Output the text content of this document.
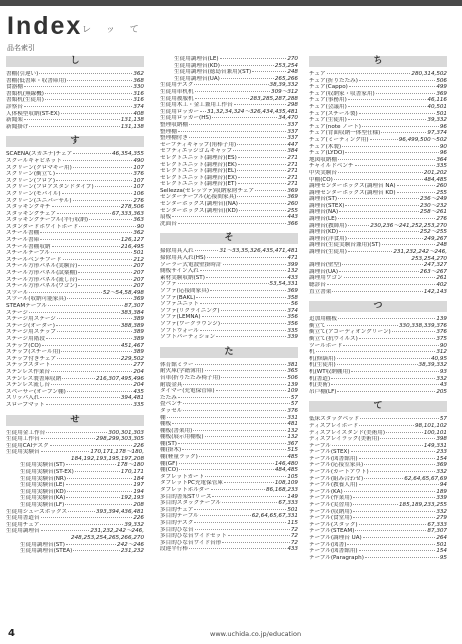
Index レ ッ て
品名索引
し
書棚(引違い)	362
書棚(低書庫・収書庫用)	368
食器棚	330
書類机(無線機)	316
書類机(生徒用)	316
診察台	374
人体模型収納(ST-EX)	408
新聞架	131,138
新聞掛け	131,138
す
SCAENA(スカエナ)チェア	46,354,355
スクールキャビネット	490
スクリーン(クロマキー用)	107
スクリーン(衝立て)	376
スクリーン(フロア)	107
スクリーン(フロアスタンドタイプ)	107
スクリーン(モバイル)	106
スクリーン(ユニバーサル)	276
スタッキングキチ	278,506
スタッキングチェア	67,333,363
スタッキングテーブル(平行収納)	363
スタンダードホワイトボード	90
スチール書棚	362
スチール書庫	126,127
スチール書棚収納	216,495
スチールテーブル	501
スチールベンチフード	212
スチール方形パネル(実験台)	207
スチール方形パネル(試薬棚)	207
スチール方形パネル(流し台)	207
スチール方形パネル(ワゴン)	207
スツール	52〜54,58,498
スツール(収納可能家具)	369
STEAMテーブル	87,307
ステージ	383,384
ステージ用ステージ	389
ステージ(オーダー)	388,389
ステージ用ステップ	389
ステージ用階段	389
ステップ(CO)	451,467
ステップ(スチール用)	389
ステップ付きチェア	229,502
ステップスタート	277
ステンレス作業台	204
ステンレス製書庫収納	216,307,495,496
ステンレス流し台	204
スペーサー(オープン棚)	435
スリッパ入れ	394,481
スロープマット	335
せ
生徒用金工作台	300,301,303
生徒用工作台	298,299,303,305
生徒用CAIデスク	226
生徒用実験台	170,171,178〜180,
184,192,193,195,197,208
生徒用実験台(ST)	178〜180
生徒用実験台(ST-EX)	170,171
生徒用実験台(NR)	184
生徒用実験台(LE)	197
生徒用実験台(KD)	194
生徒用実験台(KA)	192,193
生徒用実験台(LF)	208
生徒用シューズボックス	393,394,436,481
生徒用書道台	226
生徒用チェア	39,332
生徒用調理台	231,232,242〜246,
248,253,254,265,266,270
生徒用調理台(ST)	242〜246
生徒用調理台(STEA)	231,232
生徒用調理台(LE)	270
生徒用調理台(KD)	253,254
生徒用調理台(徳島台兼用)(ST)	248
生徒用調理台(UA)	265,266
生徒用デスク	38,39,332
生徒用車机机	309〜312
生徒用被服机	283,285,287,288
生徒用木工・金工兼用工作台	298
生徒用ロッカー 31,32,34,324〜326,434,435,481
生徒用ロッカー(HS)	34,470
整理収納棚	337
整理棚	337
整理棚付き	337
セーフティキャップ(角棒子用)	447
セフティエッジゴムキャップ	384
セレクトユニット(調理台)(ES)	271
セレクトユニット(調理台)(EK)	271
セレクトユニット(調理台)(EL)	271
セレクトユニット(調理台)(EX)	271
セレクトユニット(調理台)(ET)	271
Sellezza(セレッツァ)収納家財チェア	369
センターテーブル(応接間家具)	369
センターボックス(調理台)(NA)	260
センターボックス(調理台)(KD)	255
扇板	443
洗面台	366
そ
掃除用具入れ	31〜33,35,326,435,471,481
掃除用具入れ(HS)	471
ソーラー式電波壁掛時計	399
側板サイン入れ	132
素材実験収納(ST)	433
ソファ	53,54,331
ソファ(応接間家具)	369
ソファ(BAKL)	358
ソファユニット	56
ソファ(リクライニング)	374
ソファ(LEMNA)	356
ソファ(ワークラウンジ)	356
ソフトウォール	335
ソフトパーティション	339
た
体育館ミラー	381
耐火庫(学籍簿用)	365
台車(折りたたみ椅子用)	506
耐震金具	139
タイマー(充電保管庫)	109
たたみ	57
畳ベンチ	57
タッセル	376
棚	331
棚板	481
棚板(書架用)	132
棚板(展示用棚板)	132
棚(ST)	367
棚(掛木)	515
棚(軽量ラック)	485
棚(GF)	146,480
棚(CO)	484,485
タブレットカート	105
タブレットPC充電保管庫	108,109
タブレットホルダー	86,168,233
多目的書架STリーズ	149
多目的スタックテーブル	67,333
多目的チェア	501
多目的テーブル	62,64,65,67,331
多目的デスク	115
多目的ひな台	72
多目的ひな台ワイドセット	72
多目的ひな台ワイド台形	72
段違平行棒	433
ち
チェア	280,314,502
チェア(折りたたみ)	506
チェア(Cappo)	499
チェア(収納家・収書家用)	369
チェア(事務用)	46,116
チェア(会議用)	40,501
チェア(スチール製)	501
チェア(生徒用)	39,332
チェア(note ノート)	96
チェア(背面収納一体型仕様)	97,374
チェア(ミーティング用)	96,499,500〜502
チェア(木製)	90
チェア(LYDO)	96
地図収納棚	364
チャイルドベンチ	335
中央実験台	201,202
中棚(CO)	484,485
調理センターボックス(調理台 NA)	260
調理センターボックス(調理台 KD)	255
調理台(ST)	236〜249
調理台(STEX)	230〜232
調理台(NA)	258〜261
調理台(LE)	276
調理台(教師用)	230,236〜241,252,253,270
調理台(KD)	252〜255
調理台(洋食用)	249,267
調理台(生徒実験台兼用)(ST)	248
調理台(生徒用)	231,232,242〜246,
253,254,270
調理台(壁型)	247,327
調理台(UA)	263〜267
調理用ワゴン	261
聴診台	402
直立書架	142,143
つ
追加用棚板	139
衝立て	330,338,339,376
衝立て(アコーディオングリーン)	376
衝立て(抗ウイルス)	375
ツールボード	90
机	312
机(修繕用)	40,95
机(生徒用)	38,39,332
机(WT収納棚用)	93
机(書道)	332
机(美術)	43
吊戸棚(LF)	205
て
低床スタックベッド	57
ディスプレイボード	98,101,102
ディスプレイスタンド(美術用)	100,101
ディスプレイラック(美術用)	398
テーブル	149,331
テーブル(STEX)	233
テーブル(図書館用)	154
テーブル(応接室家具)	369
テーブル(カートアウト)	332
テーブル(組み合わせ)	62,64,65,67,69
テーブル(教養人用)	94
テーブル(KA)	189
テーブル(作業用)	339
テーブル(実習用)	185,189,233,255
テーブル(収納用)	332
テーブル(食堂用)	279
テーブル(スタック)	67,333
テーブル(STEAM)	87,307
テーブル(調理台 UA)	264
テーブル(図書)	501
テーブル(図書館用)	154
テーブル(Paragraph)	95
4	www.uchida.co.jp/education
